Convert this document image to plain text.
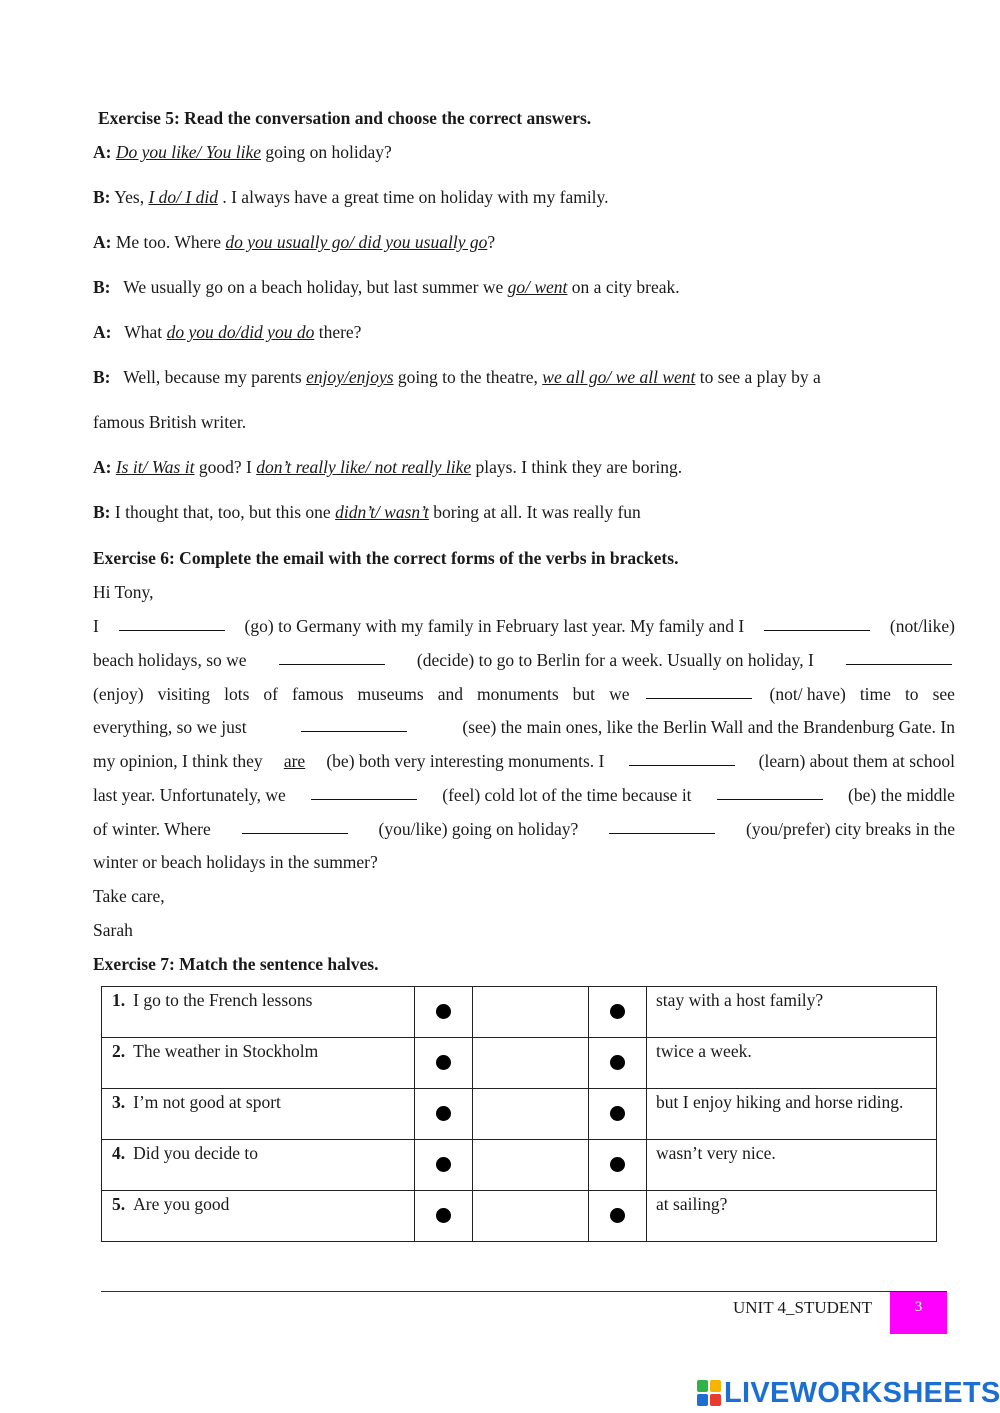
Exercise 5: Read the conversation and choose the correct answers.
A: Do you like/ You like going on holiday?
B: Yes, I do/ I did . I always have a great time on holiday with my family.
A: Me too. Where do you usually go/ did you usually go?
B:   We usually go on a beach holiday, but last summer we go/ went on a city break.
A:   What do you do/did you do there?
B:   Well, because my parents enjoy/enjoys going to the theatre, we all go/ we all went to see a play by a
famous British writer.
A: Is it/ Was it good? I don’t really like/ not really like plays. I think they are boring.
B: I thought that, too, but this one didn’t/ wasn’t boring at all. It was really fun
Exercise 6: Complete the email with the correct forms of the verbs in brackets.
Hi Tony,
I	(go) to Germany with my family in February last year. My family and I	(not/like)
beach holidays, so we	(decide) to go to Berlin for a week. Usually on holiday, I
(enjoy) visiting lots of famous museums and monuments but we	(not/ have) time to see
everything, so we just	(see) the main ones, like the Berlin Wall and the Brandenburg Gate. In
my opinion, I think they are (be) both very interesting monuments. I	(learn) about them at school
last year. Unfortunately, we	(feel) cold lot of the time because it	(be) the middle
of winter. Where	(you/like) going on holiday?	(you/prefer) city breaks in the
winter or beach holidays in the summer?
Take care,
Sarah
Exercise 7: Match the sentence halves.
1. I go to the French lessons				stay with a host family?
2. The weather in Stockholm				twice a week.
3. I’m not good at sport				but I enjoy hiking and horse riding.
4. Did you decide to				wasn’t very nice.
5. Are you good				at sailing?
UNIT 4_STUDENT	3
LIVEWORKSHEETS
